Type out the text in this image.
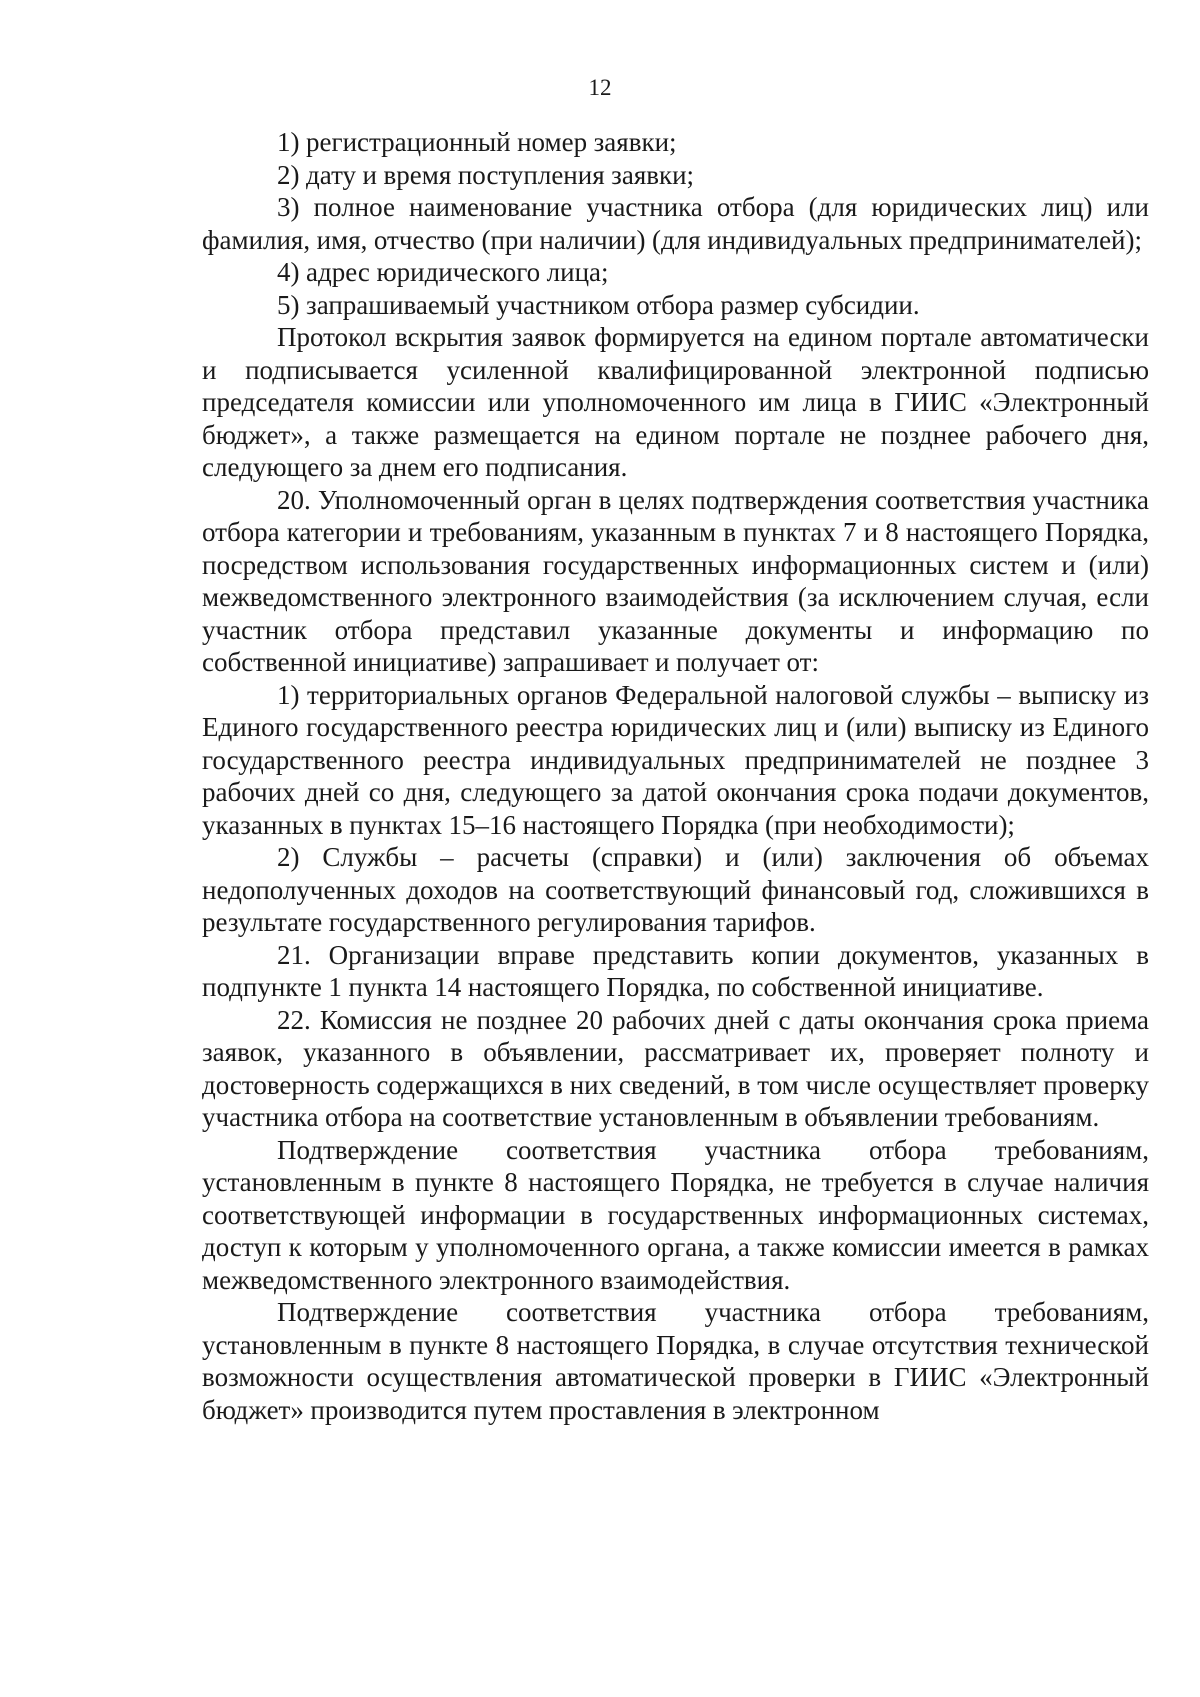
12

1) регистрационный номер заявки;

2) дату и время поступления заявки;

3) полное наименование участника отбора (для юридических лиц) или фамилия, имя, отчество (при наличии) (для индивидуальных предпринимателей);

4) адрес юридического лица;

5) запрашиваемый участником отбора размер субсидии.

Протокол вскрытия заявок формируется на едином портале автоматически и подписывается усиленной квалифицированной электронной подписью председателя комиссии или уполномоченного им лица в ГИИС «Электронный бюджет», а также размещается на едином портале не позднее рабочего дня, следующего за днем его подписания.

20. Уполномоченный орган в целях подтверждения соответствия участника отбора категории и требованиям, указанным в пунктах 7 и 8 настоящего Порядка, посредством использования государственных информационных систем и (или) межведомственного электронного взаимодействия (за исключением случая, если участник отбора представил указанные документы и информацию по собственной инициативе) запрашивает и получает от:

1) территориальных органов Федеральной налоговой службы – выписку из Единого государственного реестра юридических лиц и (или) выписку из Единого государственного реестра индивидуальных предпринимателей не позднее 3 рабочих дней со дня, следующего за датой окончания срока подачи документов, указанных в пунктах 15–16 настоящего Порядка (при необходимости);

2) Службы – расчеты (справки) и (или) заключения об объемах недополученных доходов на соответствующий финансовый год, сложившихся в результате государственного регулирования тарифов.

21. Организации вправе представить копии документов, указанных в подпункте 1 пункта 14 настоящего Порядка, по собственной инициативе.

22. Комиссия не позднее 20 рабочих дней с даты окончания срока приема заявок, указанного в объявлении, рассматривает их, проверяет полноту и достоверность содержащихся в них сведений, в том числе осуществляет проверку участника отбора на соответствие установленным в объявлении требованиям.

Подтверждение соответствия участника отбора требованиям, установленным в пункте 8 настоящего Порядка, не требуется в случае наличия соответствующей информации в государственных информационных системах, доступ к которым у уполномоченного органа, а также комиссии имеется в рамках межведомственного электронного взаимодействия.

Подтверждение соответствия участника отбора требованиям, установленным в пункте 8 настоящего Порядка, в случае отсутствия технической возможности осуществления автоматической проверки в ГИИС «Электронный бюджет» производится путем проставления в электронном
